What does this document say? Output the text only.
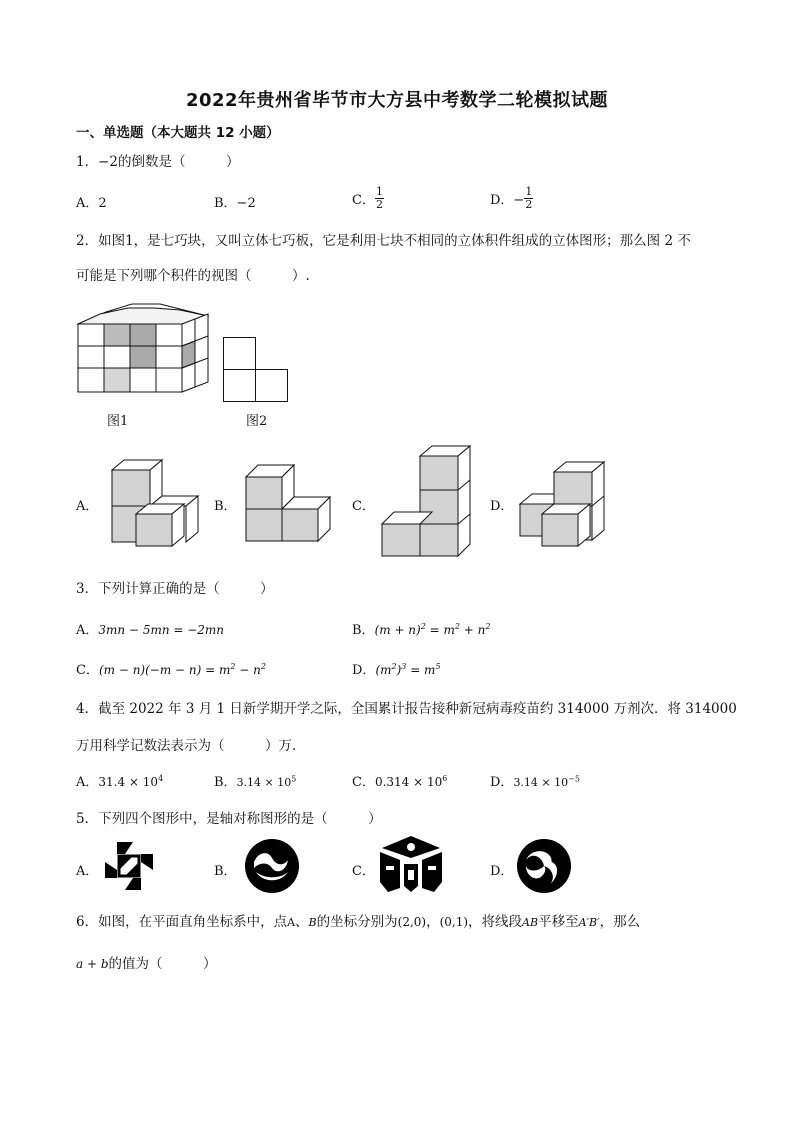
2022年贵州省毕节市大方县中考数学二轮模拟试题
一、单选题（本大题共 12 小题）
1．−2的倒数是（　　　）
A．2	B．−2	C． $\frac{1}{2}$	D．− $\frac{1}{2}$
2．如图1，是七巧块，又叫立体七巧板，它是利用七块不相同的立体积件组成的立体图形；那么图 2 不
可能是下列哪个积件的视图（　　　）.
图1	图2
A．	B．	C．	D．
3．下列计算正确的是（　　　）
A．3mn − 5mn = −2mn	B．$(m + n)^2 = m^2 + n^2$
C．$(m - n)(-m - n) = m^2 - n^2$	D．$(m^2)^3 = m^5$
4．截至 2022 年 3 月 1 日新学期开学之际，全国累计报告接种新冠病毒疫苗约 314000 万剂次．将 314000
万用科学记数法表示为（　　　）万．
A．$31.4 \times 10^4$	B．$3.14 \times 10^5$	C．$0.314 \times 10^6$	D．$3.14 \times 10^{-5}$
5．下列四个图形中，是轴对称图形的是（　　　）
A．	B．	C．	D．
6．如图，在平面直角坐标系中，点A、B的坐标分别为(2,0)，(0,1)，将线段AB平移至A′B′，那么
a + b的值为（　　　）
